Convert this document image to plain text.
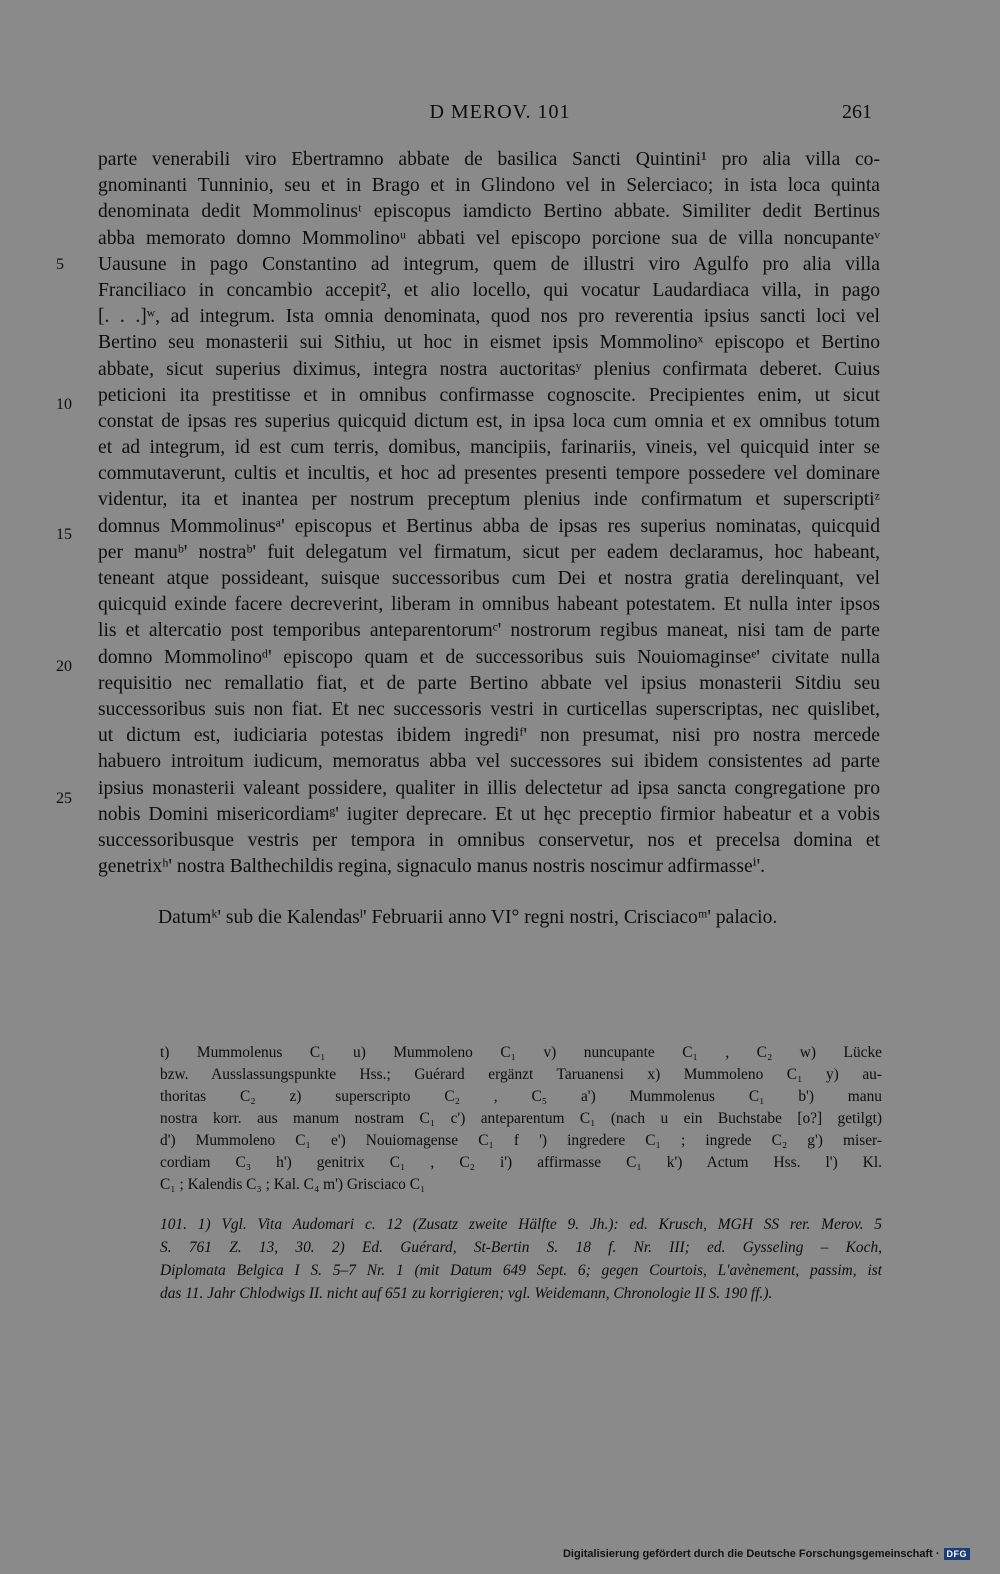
D MEROV. 101	261
5
10
15
20
25
parte venerabili viro Ebertramno abbate de basilica Sancti Quintini¹ pro alia villa co-
gnominanti Tunninio, seu et in Brago et in Glindono vel in Selerciaco; in ista loca quinta
denominata dedit Mommolinusᵗ episcopus iamdicto Bertino abbate. Similiter dedit Bertinus
abba memorato domno Mommolinoᵘ abbati vel episcopo porcione sua de villa noncupanteᵛ
Uausune in pago Constantino ad integrum, quem de illustri viro Agulfo pro alia villa
Franciliaco in concambio accepit², et alio locello, qui vocatur Laudardiaca villa, in pago
[. . .]ʷ, ad integrum. Ista omnia denominata, quod nos pro reverentia ipsius sancti loci vel
Bertino seu monasterii sui Sithiu, ut hoc in eismet ipsis Mommolinoˣ episcopo et Bertino
abbate, sicut superius diximus, integra nostra auctoritasʸ plenius confirmata deberet. Cuius
peticioni ita prestitisse et in omnibus confirmasse cognoscite. Precipientes enim, ut sicut
constat de ipsas res superius quicquid dictum est, in ipsa loca cum omnia et ex omnibus totum
et ad integrum, id est cum terris, domibus, mancipiis, farinariis, vineis, vel quicquid inter se
commutaverunt, cultis et incultis, et hoc ad presentes presenti tempore possedere vel dominare
videntur, ita et inantea per nostrum preceptum plenius inde confirmatum et superscriptiᶻ
domnus Mommolinusᵃ' episcopus et Bertinus abba de ipsas res superius nominatas, quicquid
per manuᵇ' nostraᵇ' fuit delegatum vel firmatum, sicut per eadem declaramus, hoc habeant,
teneant atque possideant, suisque successoribus cum Dei et nostra gratia derelinquant, vel
quicquid exinde facere decreverint, liberam in omnibus habeant potestatem. Et nulla inter ipsos
lis et altercatio post temporibus anteparentorumᶜ' nostrorum regibus maneat, nisi tam de parte
domno Mommolinoᵈ' episcopo quam et de successoribus suis Nouiomaginseᵉ' civitate nulla
requisitio nec remallatio fiat, et de parte Bertino abbate vel ipsius monasterii Sitdiu seu
successoribus suis non fiat. Et nec successoris vestri in curticellas superscriptas, nec quislibet,
ut dictum est, iudiciaria potestas ibidem ingrediᶠ' non presumat, nisi pro nostra mercede
habuero introitum iudicum, memoratus abba vel successores sui ibidem consistentes ad parte
ipsius monasterii valeant possidere, qualiter in illis delectetur ad ipsa sancta congregatione pro
nobis Domini misericordiamᵍ' iugiter deprecare. Et ut hęc preceptio firmior habeatur et a vobis
successoribusque vestris per tempora in omnibus conservetur, nos et precelsa domina et
genetrixʰ' nostra Balthechildis regina, signaculo manus nostris noscimur adfirmasseⁱ'.
Datumᵏ' sub die Kalendasˡ' Februarii anno VI° regni nostri, Crisciacoᵐ' palacio.
t) Mummolenus C₁ u) Mummoleno C₁ v) nuncupante C₁ , C₂ w) Lücke
bzw. Ausslassungspunkte Hss.; Guérard ergänzt Taruanensi x) Mummoleno C₁ y) au-
thoritas C₂ z) superscripto C₂ , C₅ a') Mummolenus C₁ b') manu
nostra korr. aus manum nostram C₁ c') anteparentum C₁ (nach u ein Buchstabe [o?] getilgt)
d') Mummoleno C₁ e') Nouiomagense C₁ f ') ingredere C₁ ; ingrede C₂ g') miser-
cordiam C₃ h') genitrix C₁ , C₂ i') affirmasse C₁ k') Actum Hss. l') Kl.
C₁ ; Kalendis C₃ ; Kal. C₄ m') Grisciaco C₁
101. 1) Vgl. Vita Audomari c. 12 (Zusatz zweite Hälfte 9. Jh.): ed. Krusch, MGH SS rer. Merov. 5
S. 761 Z. 13, 30. 2) Ed. Guérard, St-Bertin S. 18 f. Nr. III; ed. Gysseling – Koch,
Diplomata Belgica I S. 5–7 Nr. 1 (mit Datum 649 Sept. 6; gegen Courtois, L'avènement, passim, ist
das 11. Jahr Chlodwigs II. nicht auf 651 zu korrigieren; vgl. Weidemann, Chronologie II S. 190 ff.).
Digitalisierung gefördert durch die Deutsche Forschungsgemeinschaft · DFG
